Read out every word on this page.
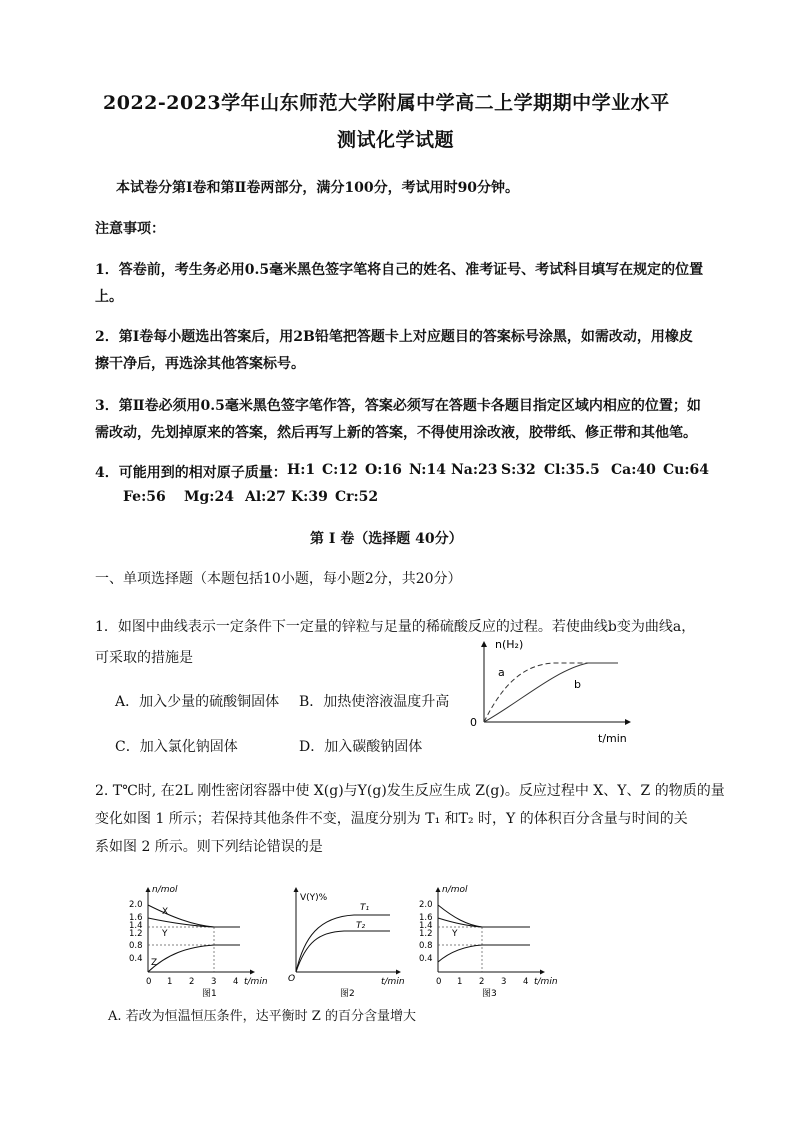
2022-2023学年山东师范大学附属中学高二上学期期中学业水平
测试化学试题
本试卷分第Ⅰ卷和第Ⅱ卷两部分，满分100分，考试用时90分钟。
注意事项：
1．答卷前，考生务必用0.5毫米黑色签字笔将自己的姓名、准考证号、考试科目填写在规定的位置
上。
2．第Ⅰ卷每小题选出答案后，用2B铅笔把答题卡上对应题目的答案标号涂黑，如需改动，用橡皮
擦干净后，再选涂其他答案标号。
3．第Ⅱ卷必须用0.5毫米黑色签字笔作答，答案必须写在答题卡各题目指定区域内相应的位置；如
需改动，先划掉原来的答案，然后再写上新的答案，不得使用涂改液，胶带纸、修正带和其他笔。
4．可能用到的相对原子质量： H:1 C:12 O:16 N:14 Na:23 S:32 Cl:35.5 Ca:40 Cu:64
Fe:56 Mg:24 Al:27 K:39 Cr:52
第 Ⅰ 卷（选择题 40分）
一、单项选择题（本题包括10小题，每小题2分，共20分）
1．如图中曲线表示一定条件下一定量的锌粒与足量的稀硫酸反应的过程。若使曲线b变为曲线a，
可采取的措施是
A．加入少量的硫酸铜固体 B．加热使溶液温度升高
C．加入氯化钠固体	D．加入碳酸钠固体
n(H₂)
t/min
0
a
b
2. T℃时, 在2L 刚性密闭容器中使 X(g)与Y(g)发生反应生成 Z(g)。反应过程中 X、Y、Z 的物质的量
变化如图 1 所示；若保持其他条件不变，温度分别为 T₁ 和T₂ 时，Y 的体积百分含量与时间的关
系如图 2 所示。则下列结论错误的是
n/mol
t/min
2.0
1.6
1.4
1.2
0.8
0.4
0 1 2 3 4
X
Y
Z
图1
V(Y)%
t/min
O
T₁
T₂
图2
n/mol
t/min
2.0
1.6
1.4
1.2
0.8
0.4
0 1 2 3 4
Y
图3
A. 若改为恒温恒压条件，达平衡时 Z 的百分含量增大
